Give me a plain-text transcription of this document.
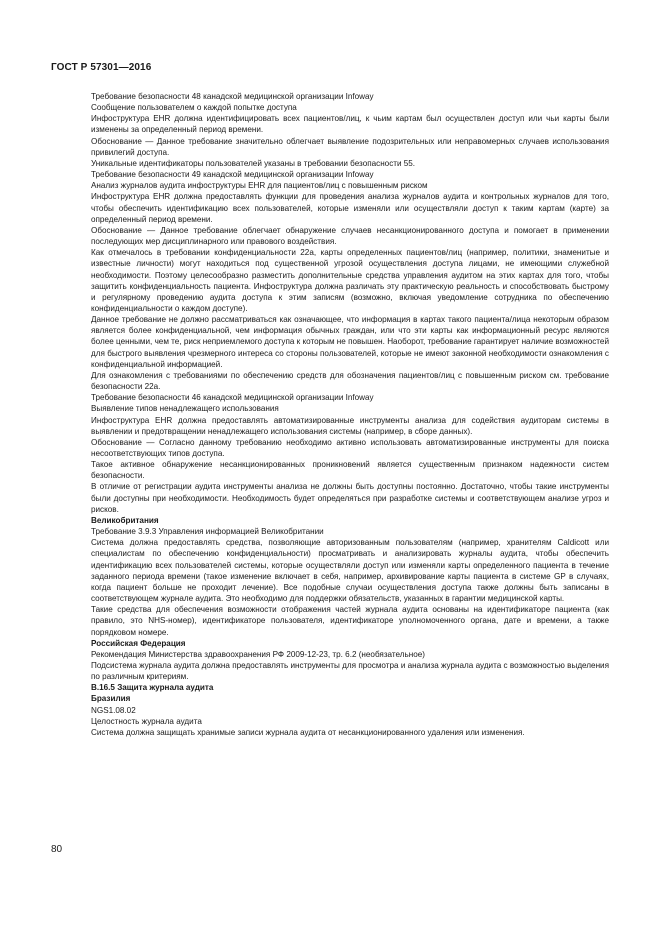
ГОСТ Р 57301—2016

Требование безопасности 48 канадской медицинской организации Infoway

Сообщение пользователем о каждой попытке доступа

Инфоструктура EHR должна идентифицировать всех пациентов/лиц, к чьим картам был осуществлен доступ или чьи карты были изменены за определенный период времени.

Обоснование — Данное требование значительно облегчает выявление подозрительных или неправомерных случаев использования привилегий доступа.

Уникальные идентификаторы пользователей указаны в требовании безопасности 55.

Требование безопасности 49 канадской медицинской организации Infoway

Анализ журналов аудита инфоструктуры EHR для пациентов/лиц с повышенным риском

Инфоструктура EHR должна предоставлять функции для проведения анализа журналов аудита и контрольных журналов для того, чтобы обеспечить идентификацию всех пользователей, которые изменяли или осуществляли доступ к таким картам (карте) за определенный период времени.

Обоснование — Данное требование облегчает обнаружение случаев несанкционированного доступа и помогает в применении последующих мер дисциплинарного или правового воздействия.

Как отмечалось в требовании конфиденциальности 22а, карты определенных пациентов/лиц (например, политики, знаменитые и известные личности) могут находиться под существенной угрозой осуществления доступа лицами, не имеющими служебной необходимости. Поэтому целесообразно разместить дополнительные средства управления аудитом на этих картах для того, чтобы защитить конфиденциальность пациента. Инфоструктура должна различать эту практическую реальность и способствовать быстрому и регулярному проведению аудита доступа к этим записям (возможно, включая уведомление сотрудника по обеспечению конфиденциальности о каждом доступе).

Данное требование не должно рассматриваться как означающее, что информация в картах такого пациента/лица некоторым образом является более конфиденциальной, чем информация обычных граждан, или что эти карты как информационный ресурс являются более ценными, чем те, риск неприемлемого доступа к которым не повышен. Наоборот, требование гарантирует наличие возможностей для быстрого выявления чрезмерного интереса со стороны пользователей, которые не имеют законной необходимости ознакомления с конфиденциальной информацией.

Для ознакомления с требованиями по обеспечению средств для обозначения пациентов/лиц с повышенным риском см. требование безопасности 22а.

Требование безопасности 46 канадской медицинской организации Infoway

Выявление типов ненадлежащего использования

Инфоструктура EHR должна предоставлять автоматизированные инструменты анализа для содействия аудиторам системы в выявлении и предотвращении ненадлежащего использования системы (например, в сборе данных).

Обоснование — Согласно данному требованию необходимо активно использовать автоматизированные инструменты для поиска несоответствующих типов доступа.

Такое активное обнаружение несанкционированных проникновений является существенным признаком надежности систем безопасности.

В отличие от регистрации аудита инструменты анализа не должны быть доступны постоянно. Достаточно, чтобы такие инструменты были доступны при необходимости. Необходимость будет определяться при разработке системы и соответствующем анализе угроз и рисков.

Великобритания

Требование 3.9.3 Управления информацией Великобритании

Система должна предоставлять средства, позволяющие авторизованным пользователям (например, хранителям Caldicott или специалистам по обеспечению конфиденциальности) просматривать и анализировать журналы аудита, чтобы обеспечить идентификацию всех пользователей системы, которые осуществляли доступ или изменяли карты определенного пациента в течение заданного периода времени (такое изменение включает в себя, например, архивирование карты пациента в системе GP в случаях, когда пациент больше не проходит лечение). Все подобные случаи осуществления доступа также должны быть записаны в соответствующем журнале аудита. Это необходимо для поддержки обязательств, указанных в гарантии медицинской карты.

Такие средства для обеспечения возможности отображения частей журнала аудита основаны на идентификаторе пациента (как правило, это NHS-номер), идентификаторе пользователя, идентификаторе уполномоченного органа, дате и времени, а также порядковом номере.

Российская Федерация

Рекомендация Министерства здравоохранения РФ 2009-12-23, тр. 6.2 (необязательное)

Подсистема журнала аудита должна предоставлять инструменты для просмотра и анализа журнала аудита с возможностью выделения по различным критериям.

В.16.5 Защита журнала аудита

Бразилия

NGS1.08.02

Целостность журнала аудита

Система должна защищать хранимые записи журнала аудита от несанкционированного удаления или изменения.

80
